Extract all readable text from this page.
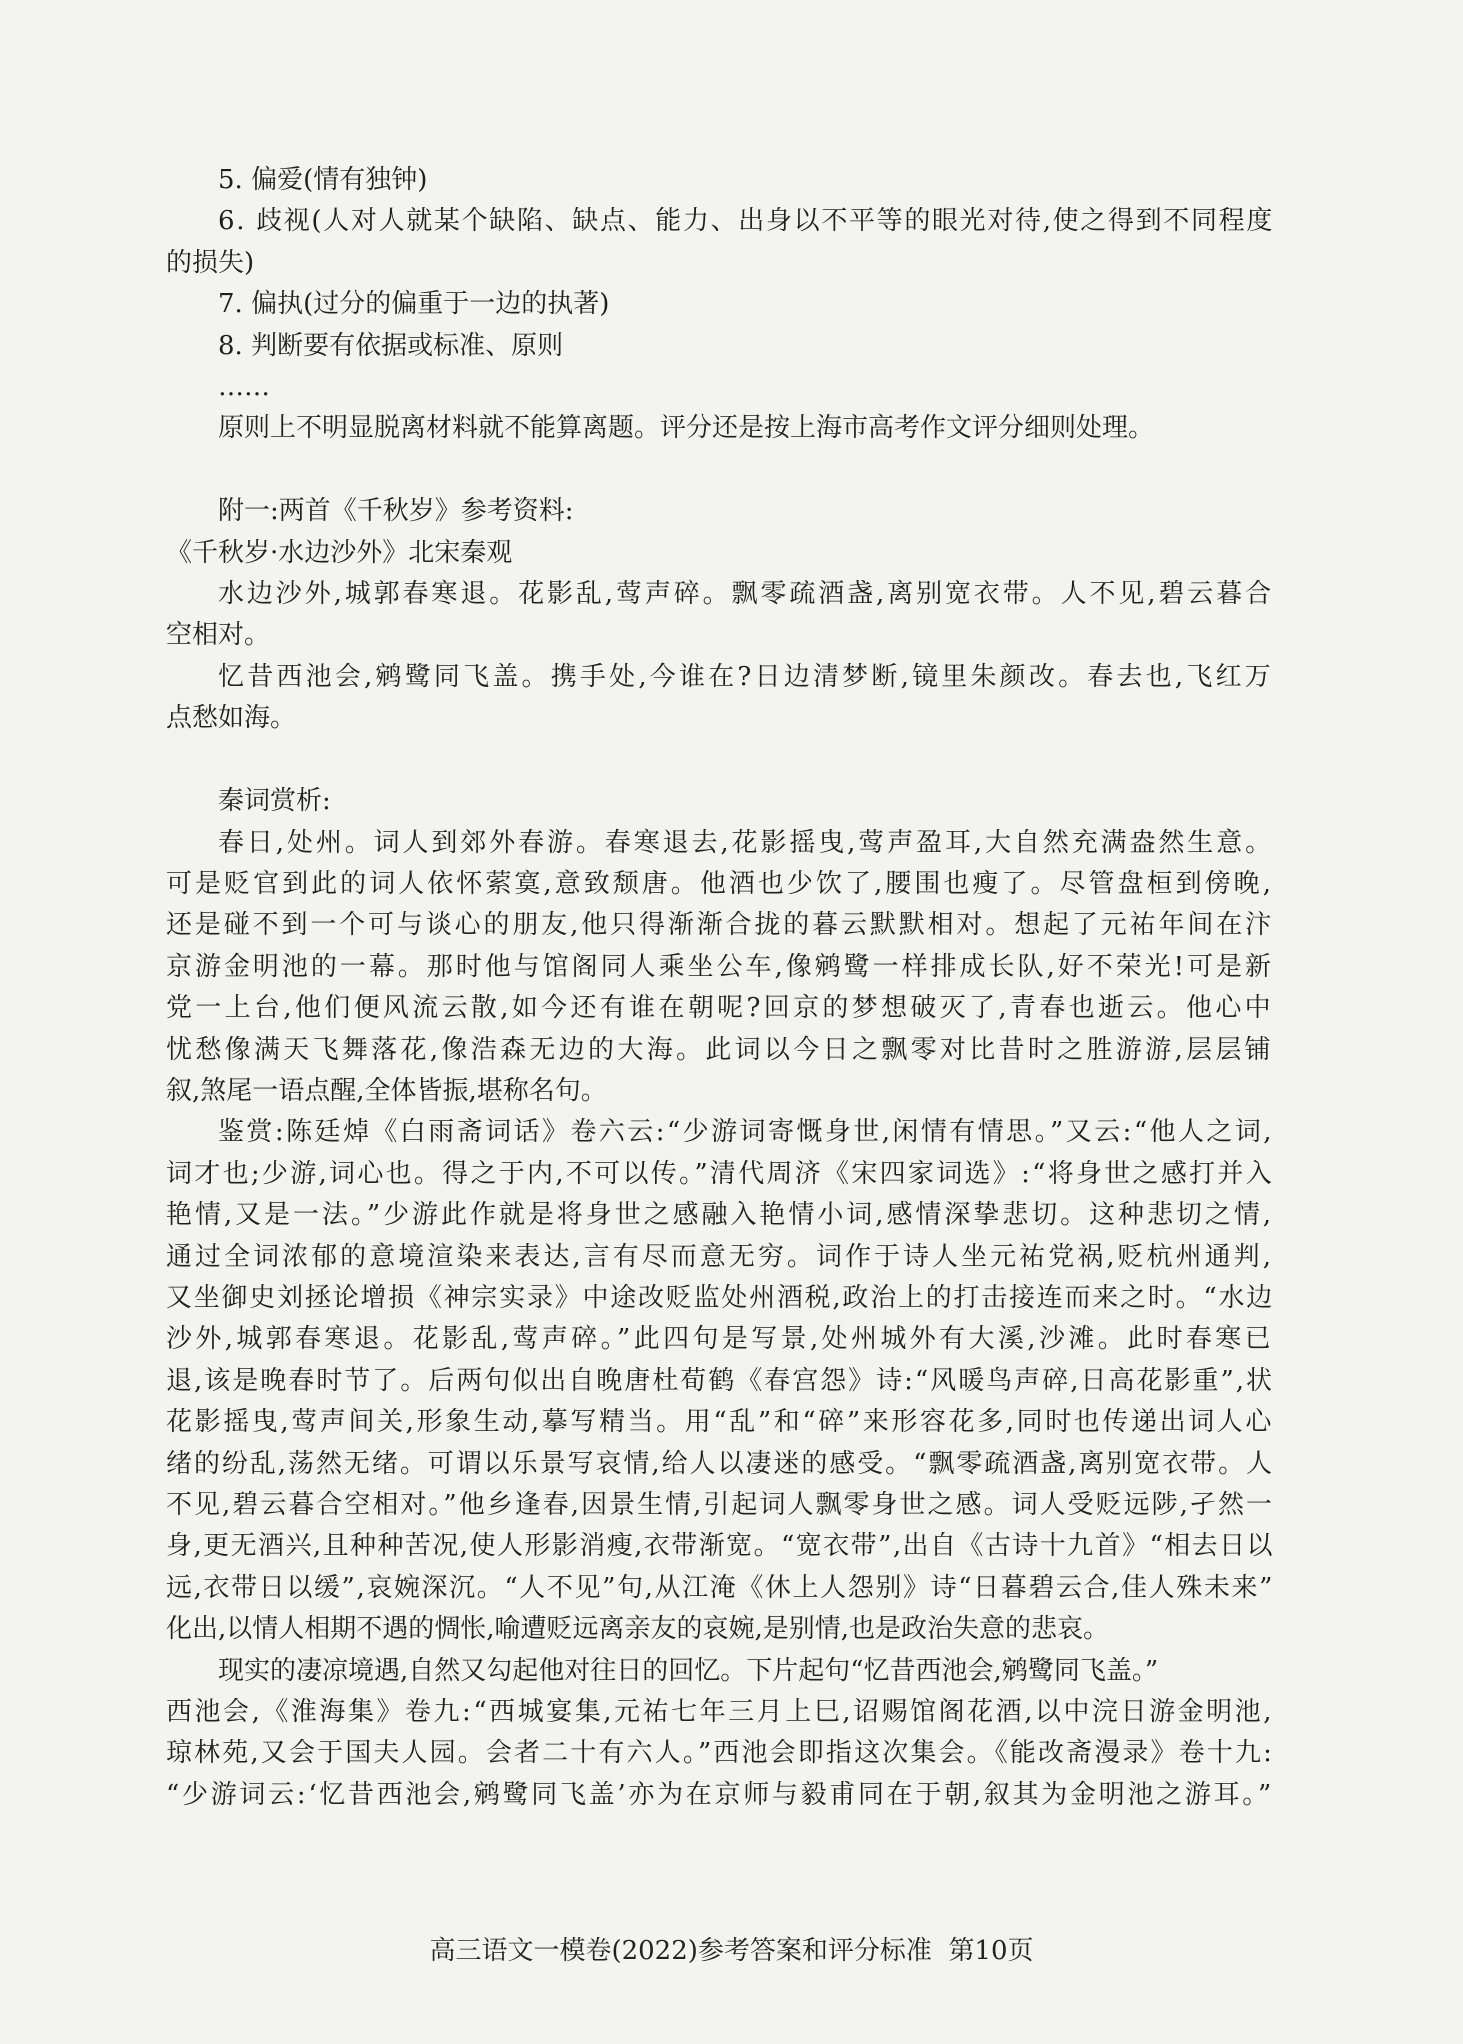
5. 偏爱(情有独钟)
6. 歧视(人对人就某个缺陷、缺点、能力、出身以不平等的眼光对待,使之得到不同程度
的损失)
7. 偏执(过分的偏重于一边的执著)
8. 判断要有依据或标准、原则
……
原则上不明显脱离材料就不能算离题。评分还是按上海市高考作文评分细则处理。
附一:两首《千秋岁》参考资料:
《千秋岁·水边沙外》北宋秦观
水边沙外,城郭春寒退。花影乱,莺声碎。飘零疏酒盏,离别宽衣带。人不见,碧云暮合
空相对。
忆昔西池会,鹓鹭同飞盖。携手处,今谁在?日边清梦断,镜里朱颜改。春去也,飞红万
点愁如海。
秦词赏析:
春日,处州。词人到郊外春游。春寒退去,花影摇曳,莺声盈耳,大自然充满盎然生意。
可是贬官到此的词人依怀萦寞,意致颓唐。他酒也少饮了,腰围也瘦了。尽管盘桓到傍晚,
还是碰不到一个可与谈心的朋友,他只得渐渐合拢的暮云默默相对。想起了元祐年间在汴
京游金明池的一幕。那时他与馆阁同人乘坐公车,像鹓鹭一样排成长队,好不荣光!可是新
党一上台,他们便风流云散,如今还有谁在朝呢?回京的梦想破灭了,青春也逝云。他心中
忧愁像满天飞舞落花,像浩森无边的大海。此词以今日之飘零对比昔时之胜游游,层层铺
叙,煞尾一语点醒,全体皆振,堪称名句。
鉴赏:陈廷焯《白雨斋词话》卷六云:“少游词寄慨身世,闲情有情思。”又云:“他人之词,
词才也;少游,词心也。得之于内,不可以传。”清代周济《宋四家词选》:“将身世之感打并入
艳情,又是一法。”少游此作就是将身世之感融入艳情小词,感情深挚悲切。这种悲切之情,
通过全词浓郁的意境渲染来表达,言有尽而意无穷。词作于诗人坐元祐党祸,贬杭州通判,
又坐御史刘拯论增损《神宗实录》中途改贬监处州酒税,政治上的打击接连而来之时。“水边
沙外,城郭春寒退。花影乱,莺声碎。”此四句是写景,处州城外有大溪,沙滩。此时春寒已
退,该是晚春时节了。后两句似出自晚唐杜荀鹤《春宫怨》诗:“风暖鸟声碎,日高花影重”,状
花影摇曳,莺声间关,形象生动,摹写精当。用“乱”和“碎”来形容花多,同时也传递出词人心
绪的纷乱,荡然无绪。可谓以乐景写哀情,给人以凄迷的感受。“飘零疏酒盏,离别宽衣带。人
不见,碧云暮合空相对。”他乡逢春,因景生情,引起词人飘零身世之感。词人受贬远陟,孑然一
身,更无酒兴,且种种苦况,使人形影消瘦,衣带渐宽。“宽衣带”,出自《古诗十九首》“相去日以
远,衣带日以缓”,哀婉深沉。“人不见”句,从江淹《休上人怨别》诗“日暮碧云合,佳人殊未来”
化出,以情人相期不遇的惆怅,喻遭贬远离亲友的哀婉,是别情,也是政治失意的悲哀。
现实的凄凉境遇,自然又勾起他对往日的回忆。下片起句“忆昔西池会,鹓鹭同飞盖。”
西池会,《淮海集》卷九:“西城宴集,元祐七年三月上巳,诏赐馆阁花酒,以中浣日游金明池,
琼林苑,又会于国夫人园。会者二十有六人。”西池会即指这次集会。《能改斋漫录》卷十九:
“少游词云:‘忆昔西池会,鹓鹭同飞盖’亦为在京师与毅甫同在于朝,叙其为金明池之游耳。”
高三语文一模卷(2022)参考答案和评分标准  第10页
